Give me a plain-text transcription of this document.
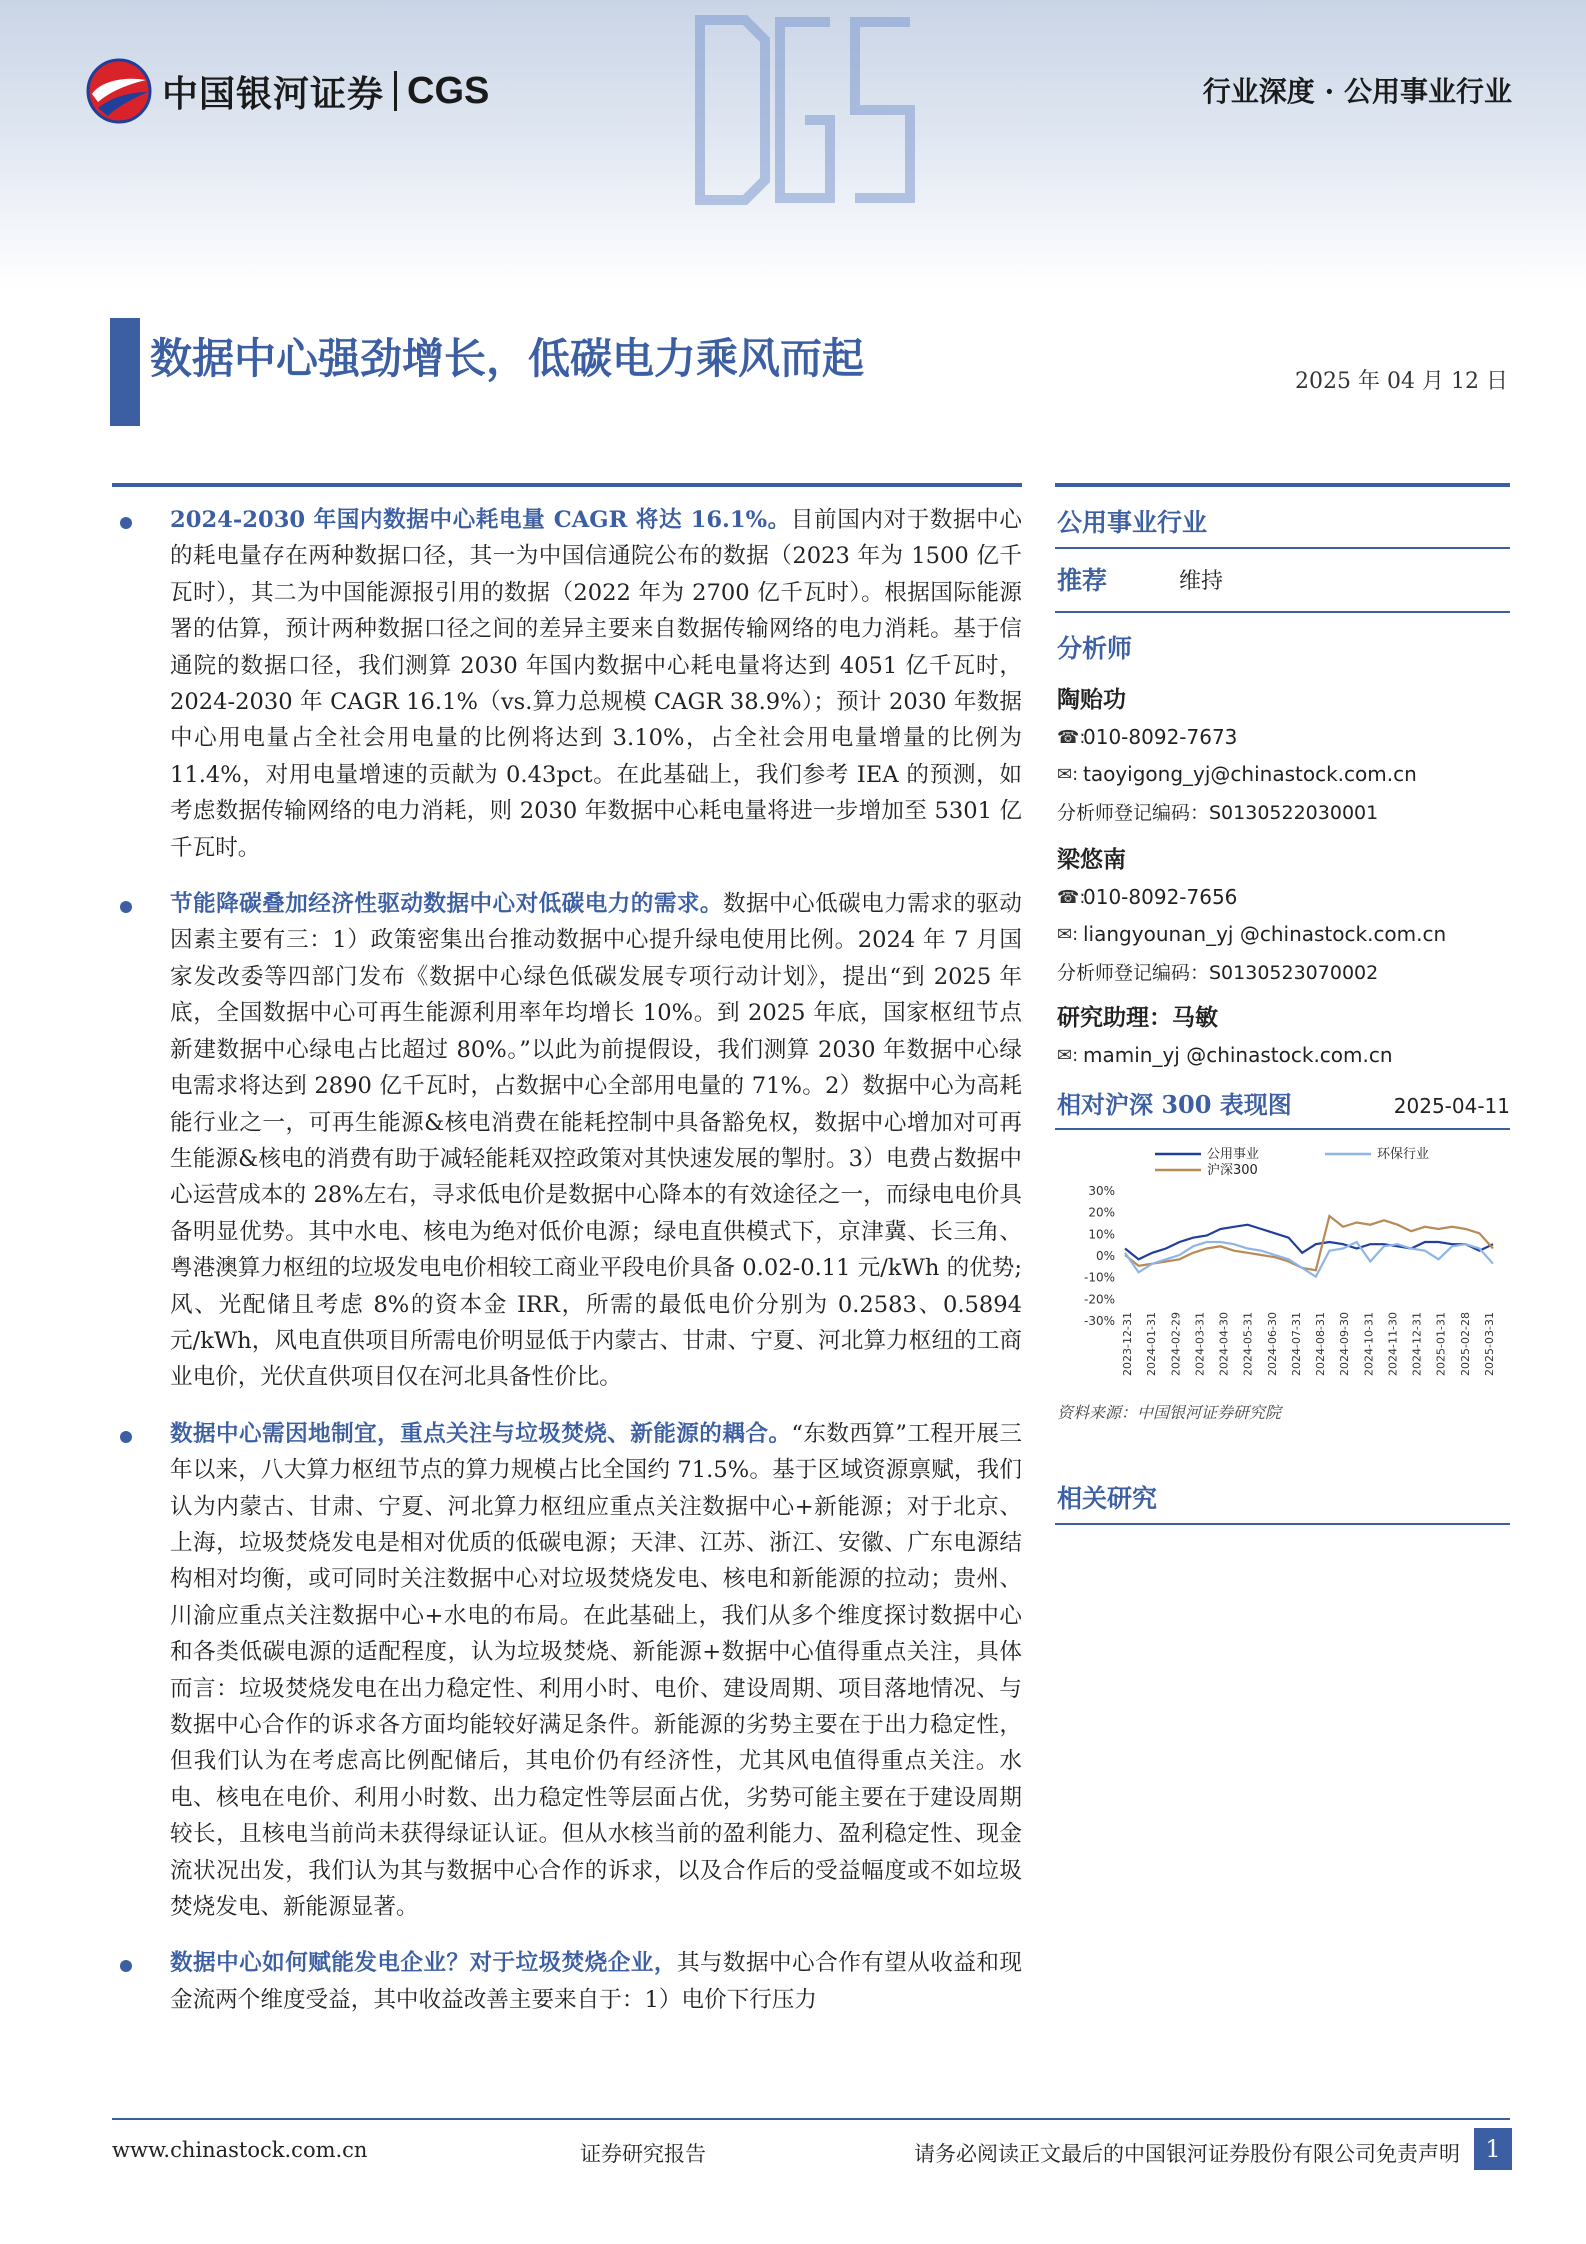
中国银河证券 CGS	行业深度 · 公用事业行业
数据中心强劲增长，低碳电力乘风而起	2025 年 04 月 12 日

2024-2030 年国内数据中心耗电量 CAGR 将达 16.1%。目前国内对于数据中心的耗电量存在两种数据口径，其一为中国信通院公布的数据（2023 年为 1500 亿千瓦时），其二为中国能源报引用的数据（2022 年为 2700 亿千瓦时）。根据国际能源署的估算，预计两种数据口径之间的差异主要来自数据传输网络的电力消耗。基于信通院的数据口径，我们测算 2030 年国内数据中心耗电量将达到 4051 亿千瓦时，2024-2030 年 CAGR 16.1%（vs.算力总规模 CAGR 38.9%）；预计 2030 年数据中心用电量占全社会用电量的比例将达到 3.10%，占全社会用电量增量的比例为 11.4%，对用电量增速的贡献为 0.43pct。在此基础上，我们参考 IEA 的预测，如考虑数据传输网络的电力消耗，则 2030 年数据中心耗电量将进一步增加至 5301 亿千瓦时。

节能降碳叠加经济性驱动数据中心对低碳电力的需求。数据中心低碳电力需求的驱动因素主要有三：1）政策密集出台推动数据中心提升绿电使用比例。2024 年 7 月国家发改委等四部门发布《数据中心绿色低碳发展专项行动计划》，提出“到 2025 年底，全国数据中心可再生能源利用率年均增长 10%。到 2025 年底，国家枢纽节点新建数据中心绿电占比超过 80%。”以此为前提假设，我们测算 2030 年数据中心绿电需求将达到 2890 亿千瓦时，占数据中心全部用电量的 71%。2）数据中心为高耗能行业之一，可再生能源&核电消费在能耗控制中具备豁免权，数据中心增加对可再生能源&核电的消费有助于减轻能耗双控政策对其快速发展的掣肘。3）电费占数据中心运营成本的 28%左右，寻求低电价是数据中心降本的有效途径之一，而绿电电价具备明显优势。其中水电、核电为绝对低价电源；绿电直供模式下，京津冀、长三角、粤港澳算力枢纽的垃圾发电电价相较工商业平段电价具备 0.02-0.11 元/kWh 的优势;风、光配储且考虑 8%的资本金 IRR，所需的最低电价分别为 0.2583、0.5894 元/kWh，风电直供项目所需电价明显低于内蒙古、甘肃、宁夏、河北算力枢纽的工商业电价，光伏直供项目仅在河北具备性价比。

数据中心需因地制宜，重点关注与垃圾焚烧、新能源的耦合。“东数西算”工程开展三年以来，八大算力枢纽节点的算力规模占比全国约 71.5%。基于区域资源禀赋，我们认为内蒙古、甘肃、宁夏、河北算力枢纽应重点关注数据中心+新能源；对于北京、上海，垃圾焚烧发电是相对优质的低碳电源；天津、江苏、浙江、安徽、广东电源结构相对均衡，或可同时关注数据中心对垃圾焚烧发电、核电和新能源的拉动；贵州、川渝应重点关注数据中心+水电的布局。在此基础上，我们从多个维度探讨数据中心和各类低碳电源的适配程度，认为垃圾焚烧、新能源+数据中心值得重点关注，具体而言：垃圾焚烧发电在出力稳定性、利用小时、电价、建设周期、项目落地情况、与数据中心合作的诉求各方面均能较好满足条件。新能源的劣势主要在于出力稳定性，但我们认为在考虑高比例配储后，其电价仍有经济性，尤其风电值得重点关注。水电、核电在电价、利用小时数、出力稳定性等层面占优，劣势可能主要在于建设周期较长，且核电当前尚未获得绿证认证。但从水核当前的盈利能力、盈利稳定性、现金流状况出发，我们认为其与数据中心合作的诉求，以及合作后的受益幅度或不如垃圾焚烧发电、新能源显著。

数据中心如何赋能发电企业？对于垃圾焚烧企业，其与数据中心合作有望从收益和现金流两个维度受益，其中收益改善主要来自于：1）电价下行压力

公用事业行业
推荐	维持
分析师
陶贻功
☎:
010-8092-7673
✉: taoyigong_yj@chinastock.com.cn
分析师登记编码：S0130522030001
梁悠南
☎:
010-8092-7656
✉: liangyounan_yj @chinastock.com.cn
分析师登记编码：S0130523070002
研究助理：马敏
✉: mamin_yj @chinastock.com.cn
相对沪深 300 表现图	2025-04-11
30%
20%
10%
0%
-10%
-20%
-30% 2023-12-31 2024-01-31 2024-02-29 2024-03-31 2024-04-30 2024-05-31 2024-06-30 2024-07-31 2024-08-31 2024-09-30 2024-10-31 2024-11-30 2024-12-31 2025-01-31 2025-02-28 2025-03-31
公用事业
沪深300
环保行业
资料来源：中国银河证券研究院
相关研究
www.chinastock.com.cn	证券研究报告	请务必阅读正文最后的中国银河证券股份有限公司免责声明	1
